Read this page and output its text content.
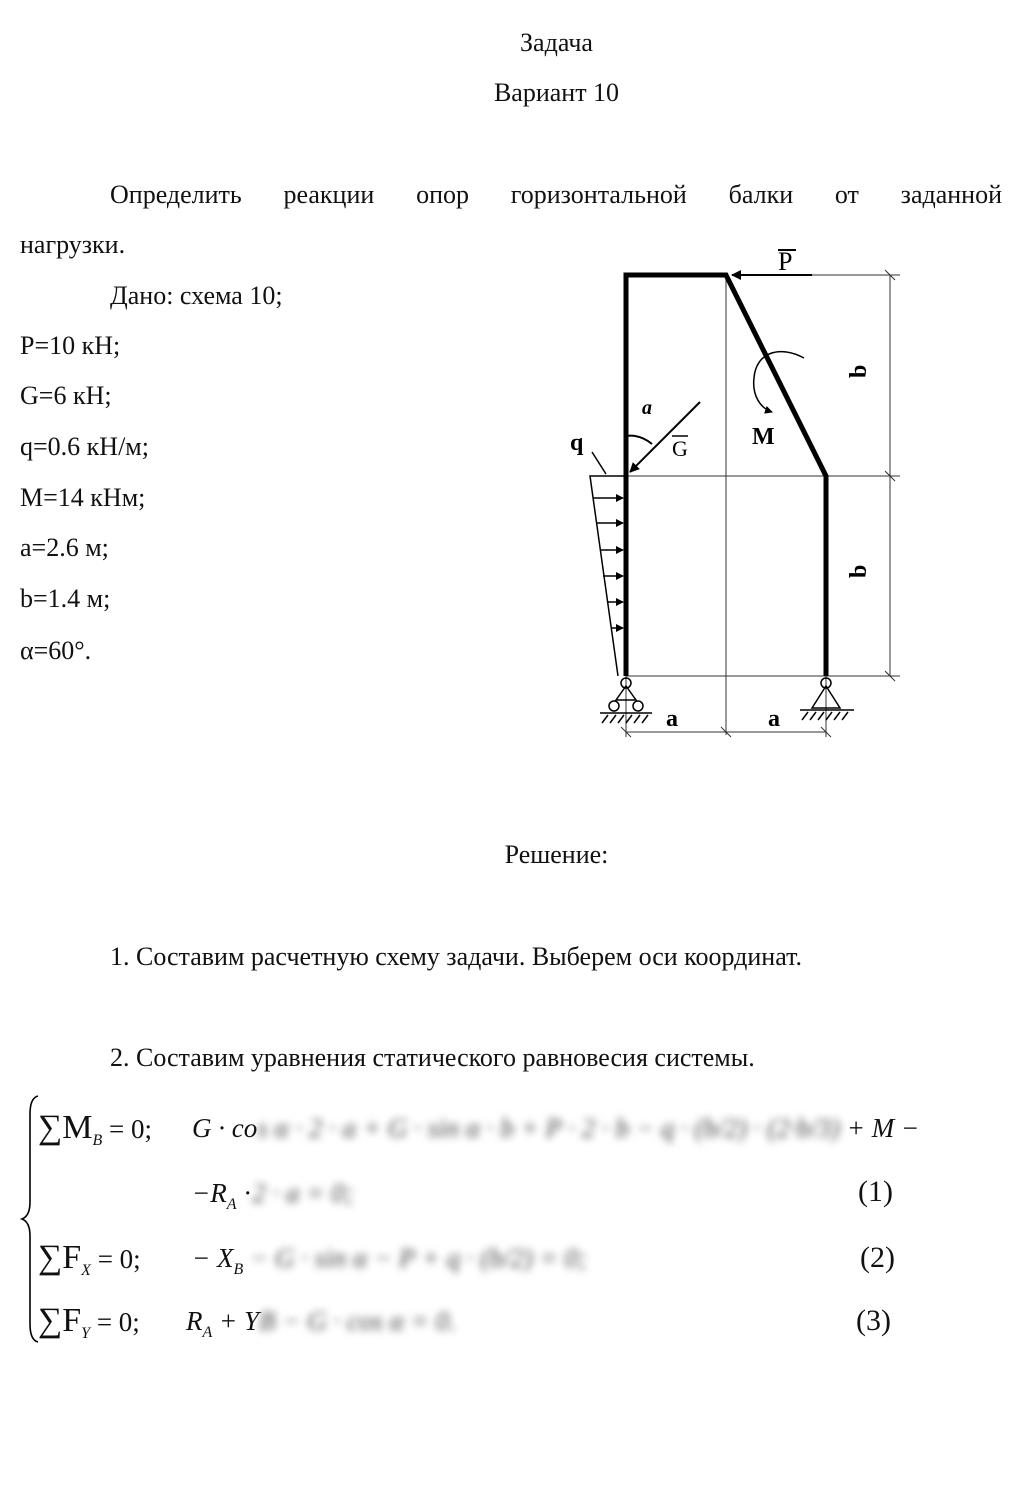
Задача

Вариант 10

Определить реакции опор горизонтальной балки от заданной

нагрузки.

Дано: схема 10;

P=10 кН;

G=6 кН;

q=0.6 кН/м;

M=14 кНм;

a=2.6 м;

b=1.4 м;

α=60°.

P
G	M
q
a
a	a
b
b

Решение:

1. Составим расчетную схему задачи. Выберем оси координат.

2. Составим уравнения статического равновесия системы.

$\sum M_B = 0$; G · cos α · 2 · a + G · sin α · b + P · 2 · b − q · (b/2) · (2·b/3) + M −
$-R_A \cdot 2 \cdot a = 0$;	(1)
$\sum F_X = 0$; − $X_B - G \cdot \sin \alpha - P + q \cdot (b/2) = 0$;	(2)
$\sum F_Y = 0$; $R_A$ + YB − G · cos α = 0.	(3)
